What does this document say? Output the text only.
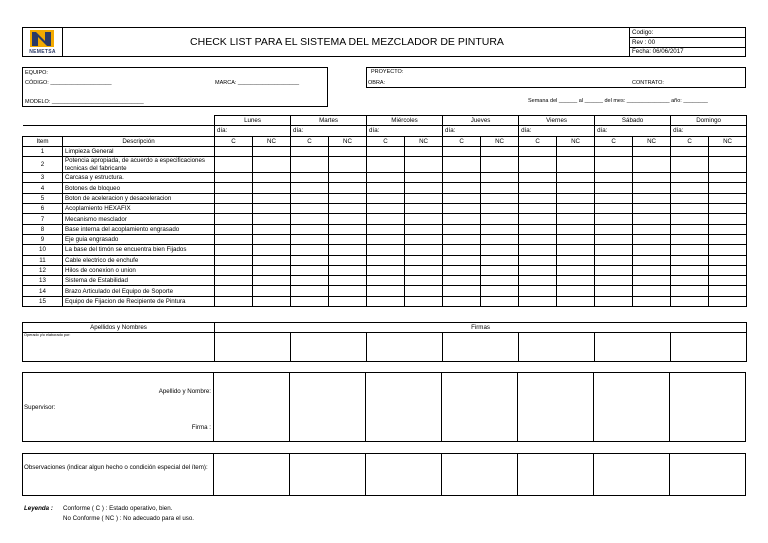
NEMETSA
CHECK LIST PARA EL SISTEMA DEL MEZCLADOR DE PINTURA
Codigo:
Rev : 00
Fecha: 06/06/2017
EQUIPO:
CÓDIGO: ____________________	MARCA: ____________________
MODELO: ______________________________
PROYECTO:
OBRA:	CONTRATO:
Semana del ______ al ______ del mes: ______________ año: ________
		Lunes		Martes		Miércoles		Jueves		Viernes		Sábado		Domingo	
		día:		día:		día:		día:		día:		día:		día:	
Item	Descripción	C	NC	C	NC	C	NC	C	NC	C	NC	C	NC	C	NC
1	Limpieza General														
2	Potencia apropiada, de acuerdo a especificaciones tecnicas del fabricante														
3	Carcasa y estructura.														
4	Botones de bloqueo														
5	Boton de aceleracion y desaceleracion														
6	Acoplamiento HEXAFIX														
7	Mecanismo mesclador														
8	Base interna del acoplamiento engrasado														
9	Eje guia engrasado														
10	La base del timón se encuentra bien Fijados														
11	Cable electrico de enchufe														
12	Hilos de conexion o union														
13	Sistema de Estabilidad														
14	Brazo Articulado del Equipo de Soporte														
15	Equipo de Fijacion de Recipiente de Pintura														
Apellidos y Nombres	Firmas						
Operado y/o elaborado por:							
Apellido y Nombre:
Firma :
Supervisor:
Observaciones (indicar algun hecho o condición especial del ítem):
Leyenda : Conforme ( C ) : Estado operativo, bien.
No Conforme ( NC ) : No adecuado para el uso.
